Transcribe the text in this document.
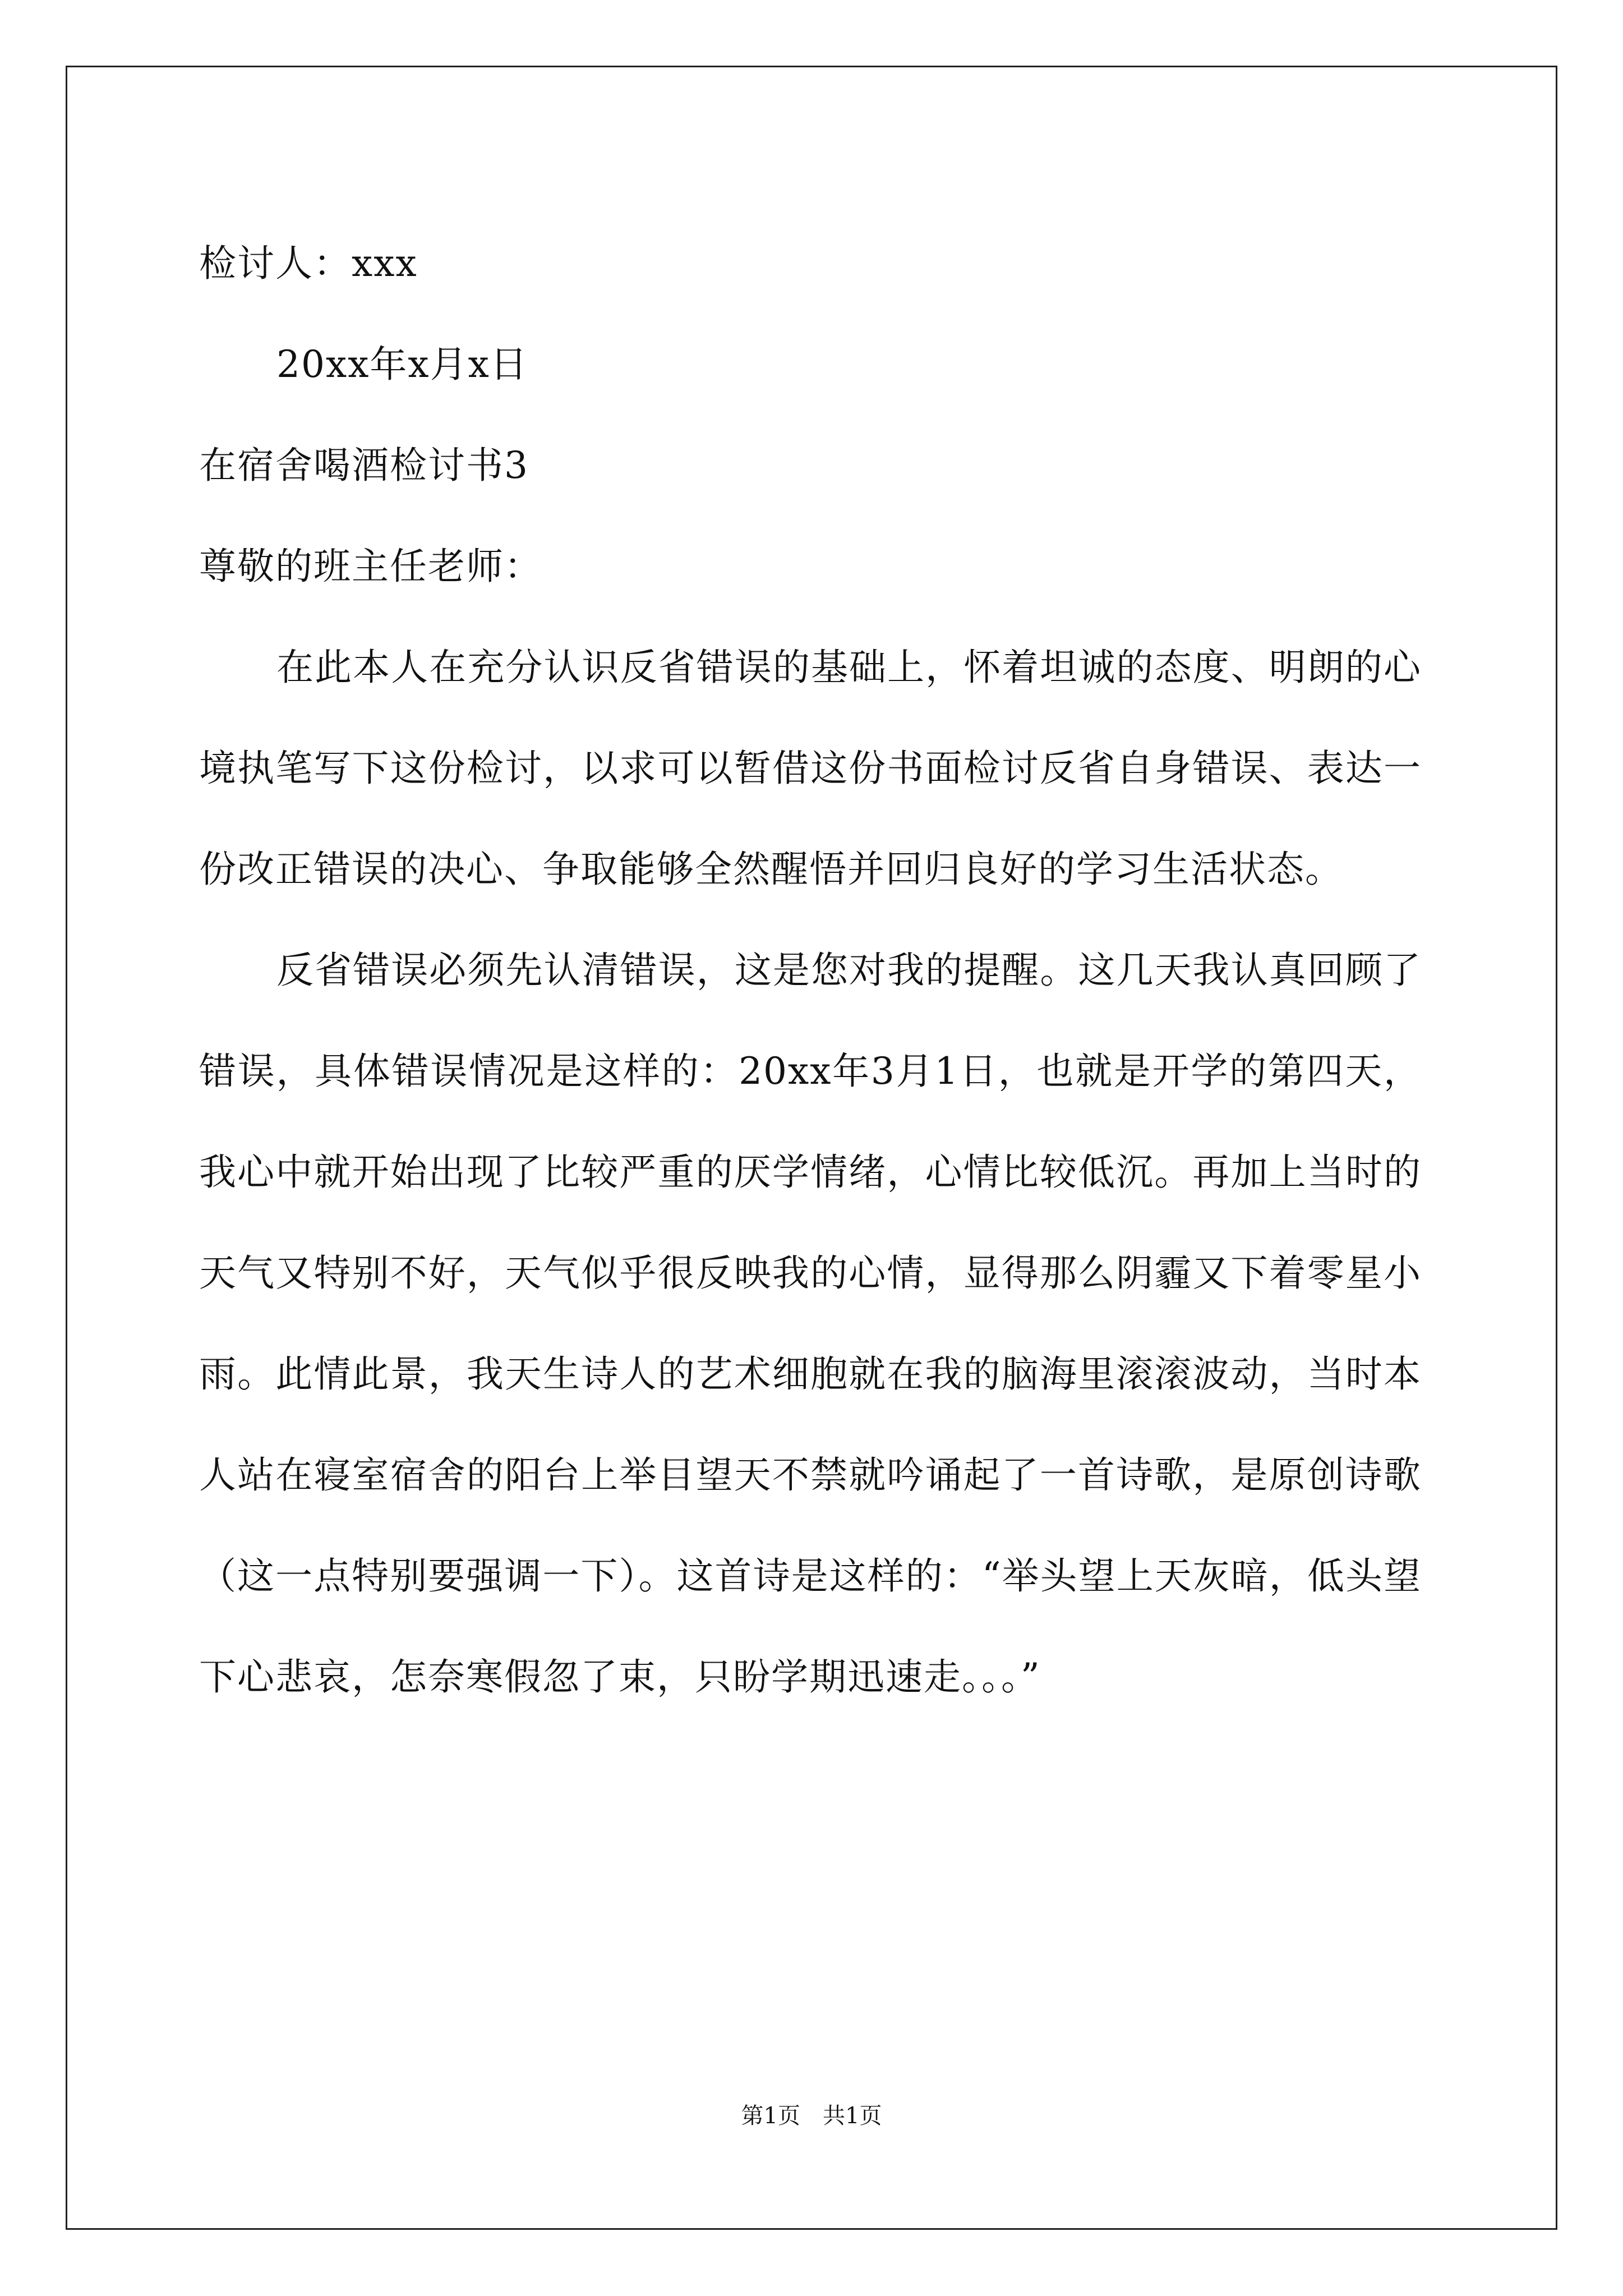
检讨人：xxx
20xx年x月x日
在宿舍喝酒检讨书3
尊敬的班主任老师：
在此本人在充分认识反省错误的基础上，怀着坦诚的态度、明朗的心境执笔写下这份检讨，以求可以暂借这份书面检讨反省自身错误、表达一份改正错误的决心、争取能够全然醒悟并回归良好的学习生活状态。
反省错误必须先认清错误，这是您对我的提醒。这几天我认真回顾了错误，具体错误情况是这样的：20xx年3月1日，也就是开学的第四天，我心中就开始出现了比较严重的厌学情绪，心情比较低沉。再加上当时的天气又特别不好，天气似乎很反映我的心情，显得那么阴霾又下着零星小雨。此情此景，我天生诗人的艺术细胞就在我的脑海里滚滚波动，当时本人站在寝室宿舍的阳台上举目望天不禁就吟诵起了一首诗歌，是原创诗歌（这一点特别要强调一下）。这首诗是这样的：“举头望上天灰暗，低头望下心悲哀，怎奈寒假忽了束，只盼学期迅速走。。。”
第1页 共1页
